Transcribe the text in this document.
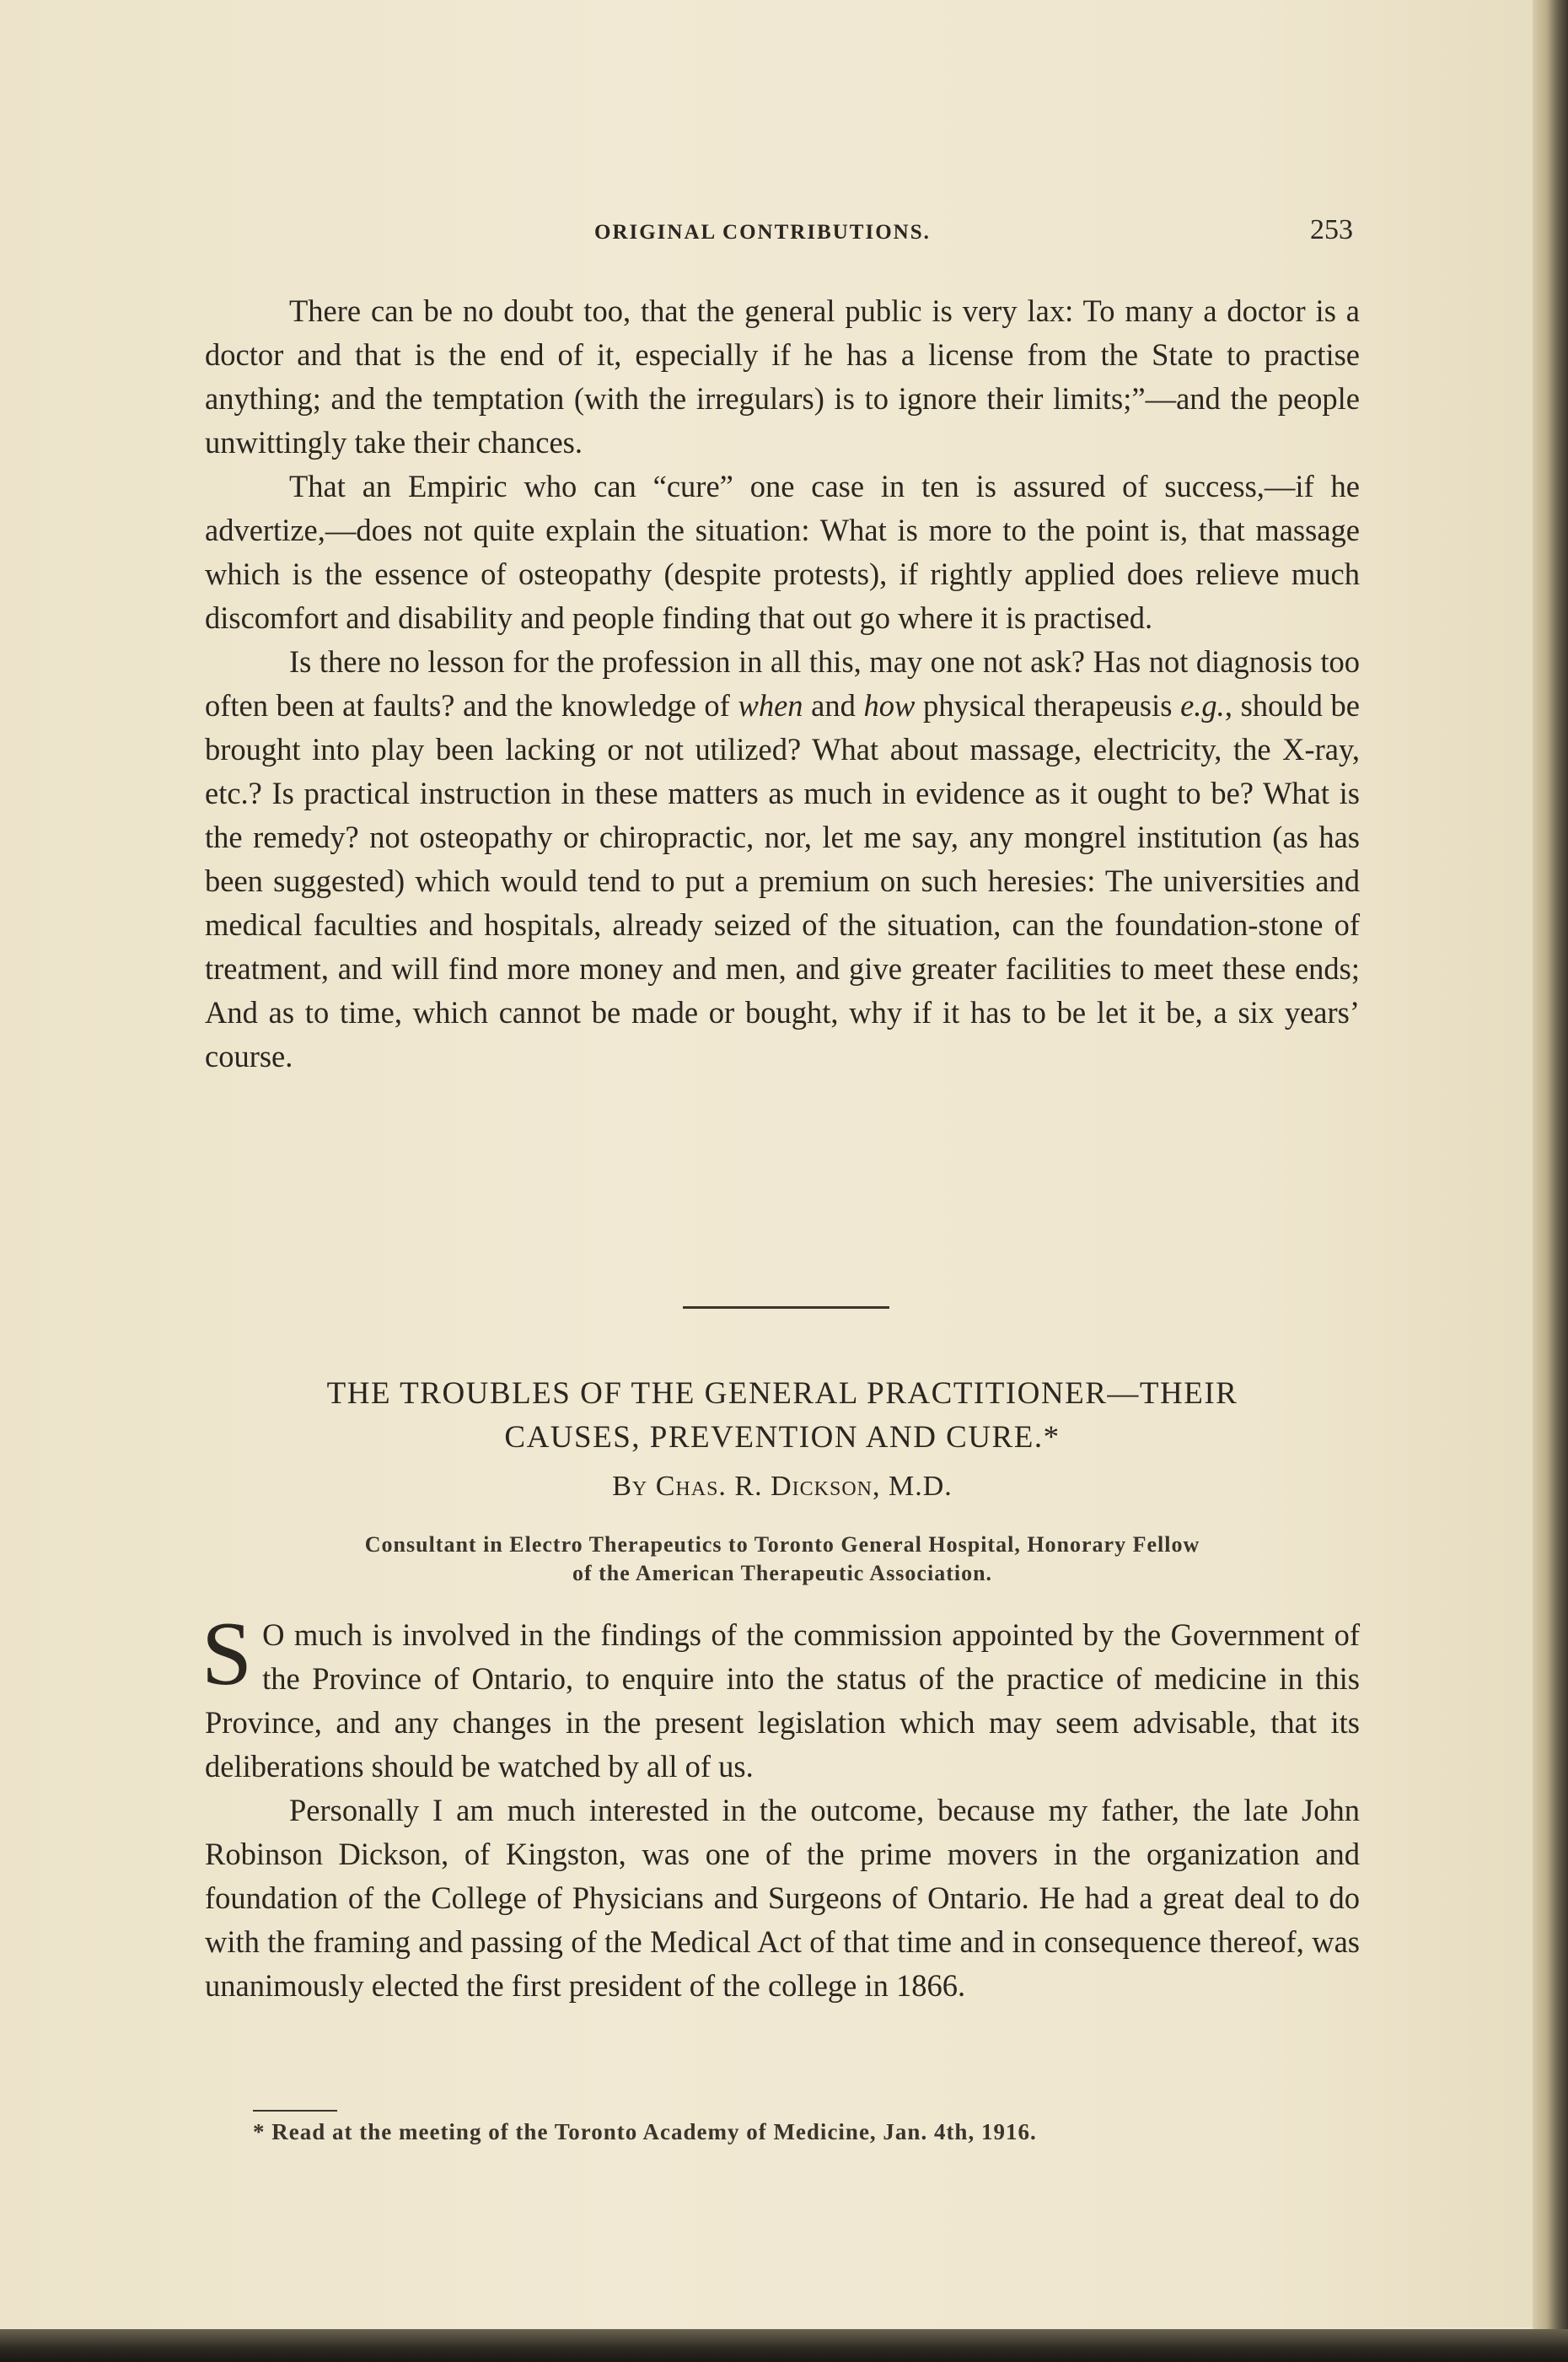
ORIGINAL CONTRIBUTIONS.	253

There can be no doubt too, that the general public is very lax: To many a doctor is a doctor and that is the end of it, especially if he has a license from the State to practise anything; and the temptation (with the irregulars) is to ignore their limits;”—and the people unwittingly take their chances.

That an Empiric who can “cure” one case in ten is assured of success,—if he advertize,—does not quite explain the situation: What is more to the point is, that massage which is the essence of osteopathy (despite protests), if rightly applied does relieve much discomfort and disability and people finding that out go where it is practised.

Is there no lesson for the profession in all this, may one not ask? Has not diagnosis too often been at faults? and the knowledge of when and how physical therapeusis e.g., should be brought into play been lacking or not utilized? What about massage, electricity, the X-ray, etc.? Is practical instruction in these matters as much in evidence as it ought to be? What is the remedy? not osteopathy or chiropractic, nor, let me say, any mongrel institution (as has been suggested) which would tend to put a premium on such heresies: The universities and medical faculties and hospitals, already seized of the situation, can the foundation-stone of treatment, and will find more money and men, and give greater facilities to meet these ends; And as to time, which cannot be made or bought, why if it has to be let it be, a six years’ course.

THE TROUBLES OF THE GENERAL PRACTITIONER—THEIR
CAUSES, PREVENTION AND CURE.*
By Chas. R. Dickson, M.D.
Consultant in Electro Therapeutics to Toronto General Hospital, Honorary Fellow
of the American Therapeutic Association.

S O much is involved in the findings of the commission appointed by the Government of the Province of Ontario, to enquire into the status of the practice of medicine in this Province, and any changes in the present legislation which may seem advisable, that its deliberations should be watched by all of us.

Personally I am much interested in the outcome, because my father, the late John Robinson Dickson, of Kingston, was one of the prime movers in the organization and foundation of the College of Physicians and Surgeons of Ontario. He had a great deal to do with the framing and passing of the Medical Act of that time and in consequence thereof, was unanimously elected the first president of the college in 1866.

* Read at the meeting of the Toronto Academy of Medicine, Jan. 4th, 1916.
